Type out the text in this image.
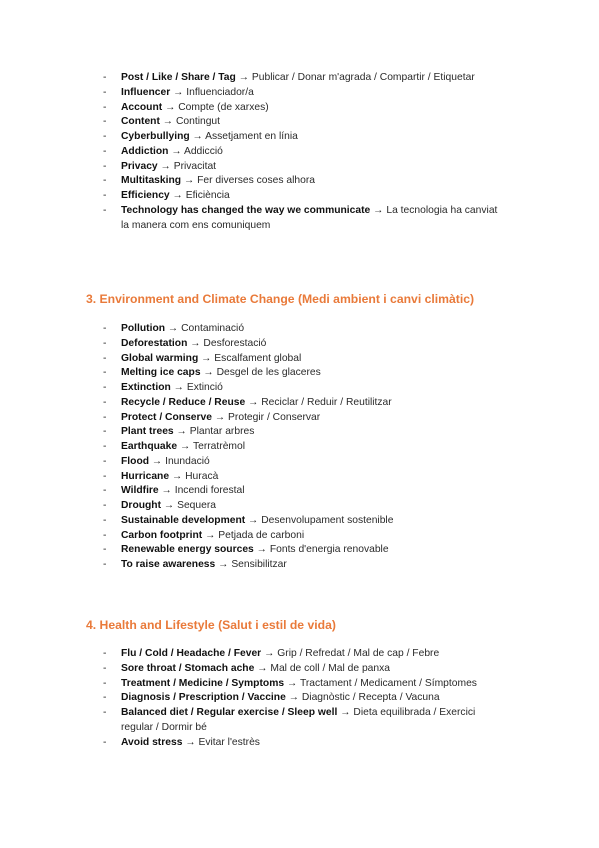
- Post / Like / Share / Tag → Publicar / Donar m'agrada / Compartir / Etiquetar
- Influencer → Influenciador/a
- Account → Compte (de xarxes)
- Content → Contingut
- Cyberbullying → Assetjament en línia
- Addiction → Addicció
- Privacy → Privacitat
- Multitasking → Fer diverses coses alhora
- Efficiency → Eficiència
- Technology has changed the way we communicate → La tecnologia ha canviat la manera com ens comuniquem
3. Environment and Climate Change (Medi ambient i canvi climàtic)
- Pollution → Contaminació
- Deforestation → Desforestació
- Global warming → Escalfament global
- Melting ice caps → Desgel de les glaceres
- Extinction → Extinció
- Recycle / Reduce / Reuse → Reciclar / Reduir / Reutilitzar
- Protect / Conserve → Protegir / Conservar
- Plant trees → Plantar arbres
- Earthquake → Terratrèmol
- Flood → Inundació
- Hurricane → Huracà
- Wildfire → Incendi forestal
- Drought → Sequera
- Sustainable development → Desenvolupament sostenible
- Carbon footprint → Petjada de carboni
- Renewable energy sources → Fonts d'energia renovable
- To raise awareness → Sensibilitzar
4. Health and Lifestyle (Salut i estil de vida)
- Flu / Cold / Headache / Fever → Grip / Refredat / Mal de cap / Febre
- Sore throat / Stomach ache → Mal de coll / Mal de panxa
- Treatment / Medicine / Symptoms → Tractament / Medicament / Símptomes
- Diagnosis / Prescription / Vaccine → Diagnòstic / Recepta / Vacuna
- Balanced diet / Regular exercise / Sleep well → Dieta equilibrada / Exercici regular / Dormir bé
- Avoid stress → Evitar l'estrès
